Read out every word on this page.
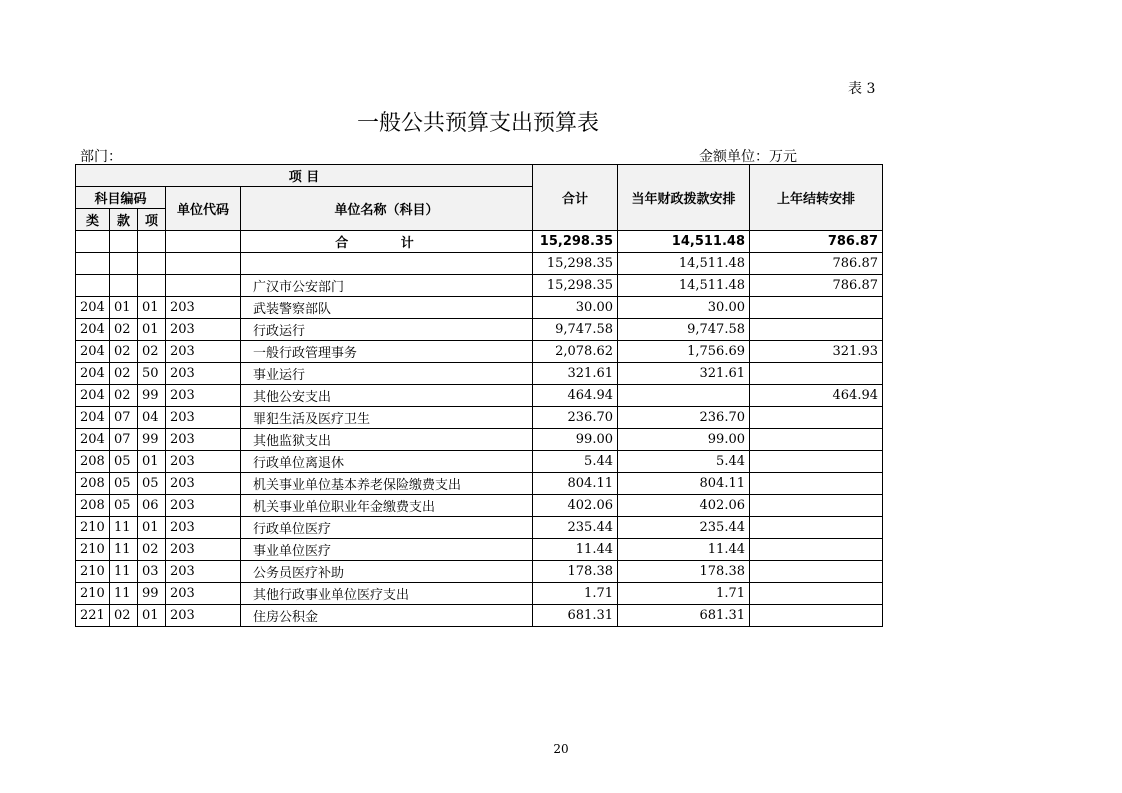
表 3
一般公共预算支出预算表
部门：	金额单位：万元
项 目					合计	当年财政拨款安排	上年结转安排
科目编码			单位代码	单位名称（科目）			
类	款	项					
				合 计	15,298.35	14,511.48	786.87
					15,298.35	14,511.48	786.87
				广汉市公安部门	15,298.35	14,511.48	786.87
204	01	01	203	武装警察部队	30.00	30.00	
204	02	01	203	行政运行	9,747.58	9,747.58	
204	02	02	203	一般行政管理事务	2,078.62	1,756.69	321.93
204	02	50	203	事业运行	321.61	321.61	
204	02	99	203	其他公安支出	464.94		464.94
204	07	04	203	罪犯生活及医疗卫生	236.70	236.70	
204	07	99	203	其他监狱支出	99.00	99.00	
208	05	01	203	行政单位离退休	5.44	5.44	
208	05	05	203	机关事业单位基本养老保险缴费支出	804.11	804.11	
208	05	06	203	机关事业单位职业年金缴费支出	402.06	402.06	
210	11	01	203	行政单位医疗	235.44	235.44	
210	11	02	203	事业单位医疗	11.44	11.44	
210	11	03	203	公务员医疗补助	178.38	178.38	
210	11	99	203	其他行政事业单位医疗支出	1.71	1.71	
221	02	01	203	住房公积金	681.31	681.31	
20
